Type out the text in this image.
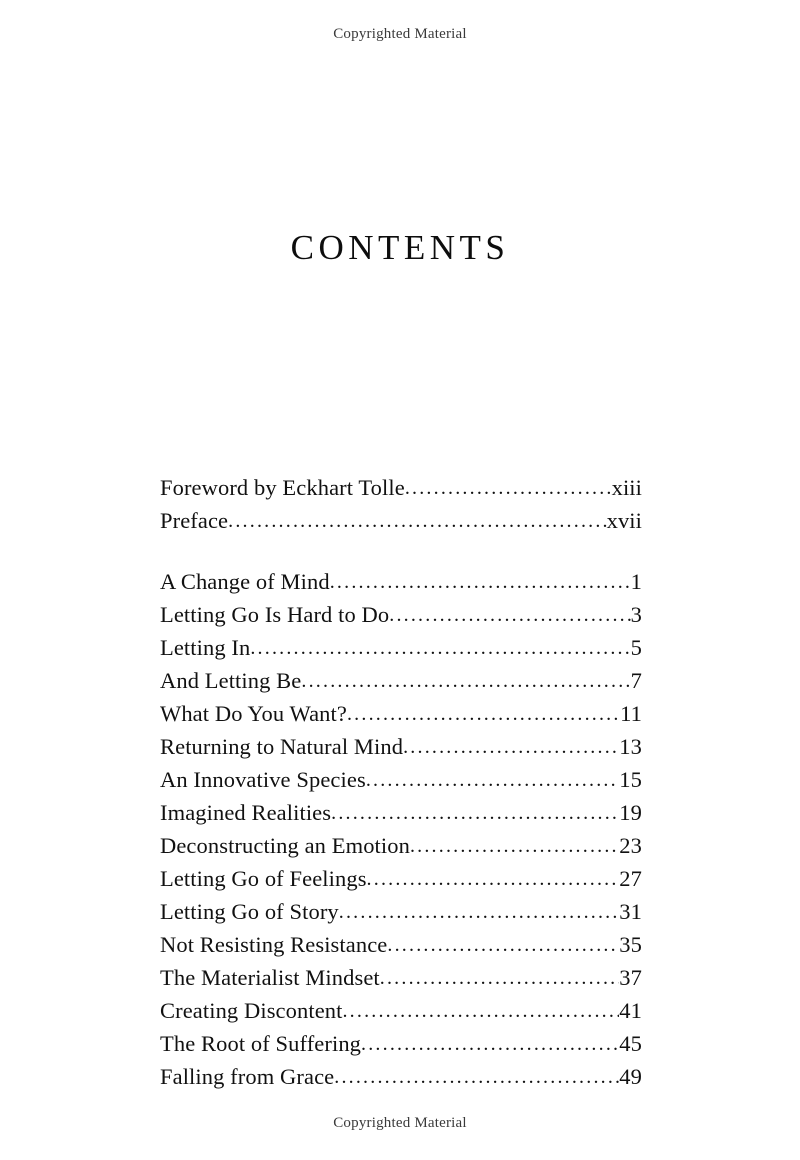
Copyrighted Material
CONTENTS
Foreword by Eckhart Tolle .....	xiii
Preface .....	xvii
A Change of Mind .....	1
Letting Go Is Hard to Do .....	3
Letting In .....	5
And Letting Be .....	7
What Do You Want? .....	11
Returning to Natural Mind .....	13
An Innovative Species .....	15
Imagined Realities .....	19
Deconstructing an Emotion .....	23
Letting Go of Feelings .....	27
Letting Go of Story .....	31
Not Resisting Resistance .....	35
The Materialist Mindset .....	37
Creating Discontent .....	41
The Root of Suffering .....	45
Falling from Grace .....	49
Copyrighted Material
